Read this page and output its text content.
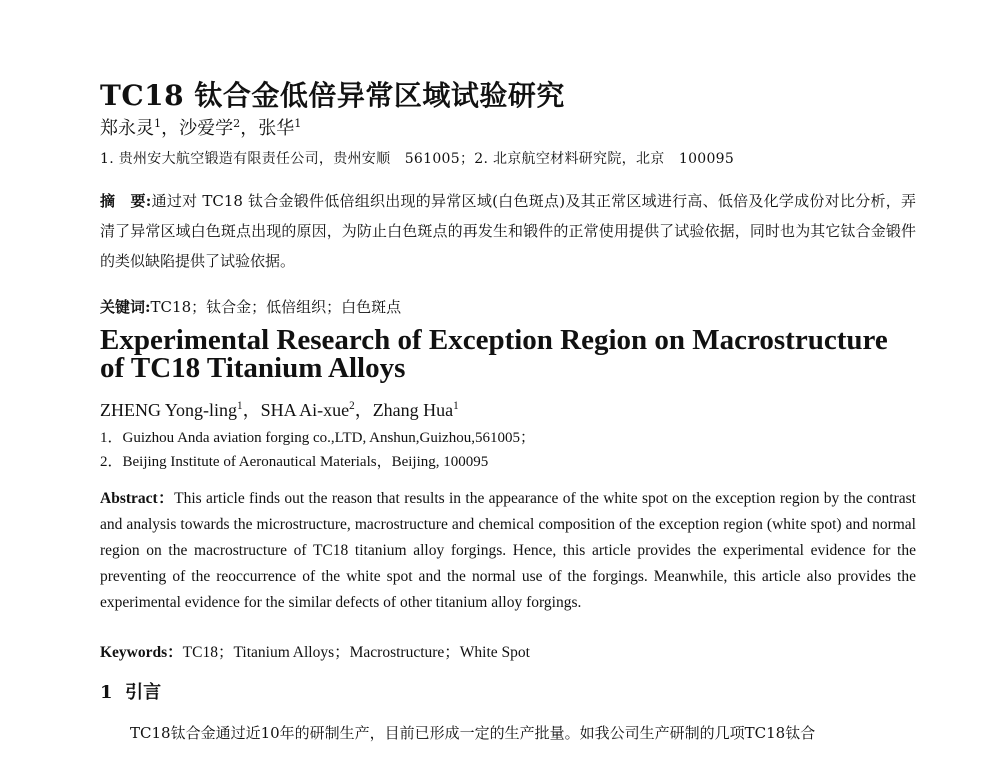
TC18 钛合金低倍异常区域试验研究
郑永灵$^1$，沙爱学$^2$，张华$^1$
1. 贵州安大航空锻造有限责任公司，贵州安顺　561005；2. 北京航空材料研究院，北京　100095
摘　要:通过对 TC18 钛合金锻件低倍组织出现的异常区域(白色斑点)及其正常区域进行高、低倍及化学成份对比分析，弄清了异常区域白色斑点出现的原因，为防止白色斑点的再发生和锻件的正常使用提供了试验依据，同时也为其它钛合金锻件的类似缺陷提供了试验依据。
关键词:TC18；钛合金；低倍组织；白色斑点
Experimental Research of Exception Region on Macrostructure of TC18 Titanium Alloys
ZHENG Yong-ling$^1$，SHA Ai-xue$^2$，Zhang Hua$^1$
1．Guizhou Anda aviation forging co.,LTD, Anshun,Guizhou,561005；
2．Beijing Institute of Aeronautical Materials，Beijing, 100095
Abstract：This article finds out the reason that results in the appearance of the white spot on the exception region by the contrast and analysis towards the microstructure, macrostructure and chemical composition of the exception region (white spot) and normal region on the macrostructure of TC18 titanium alloy forgings. Hence, this article provides the experimental evidence for the preventing of the reoccurrence of the white spot and the normal use of the forgings. Meanwhile, this article also provides the experimental evidence for the similar defects of other titanium alloy forgings.
Keywords：TC18；Titanium Alloys；Macrostructure；White Spot
1 引言
TC18钛合金通过近10年的研制生产，目前已形成一定的生产批量。如我公司生产研制的几项TC18钛合
